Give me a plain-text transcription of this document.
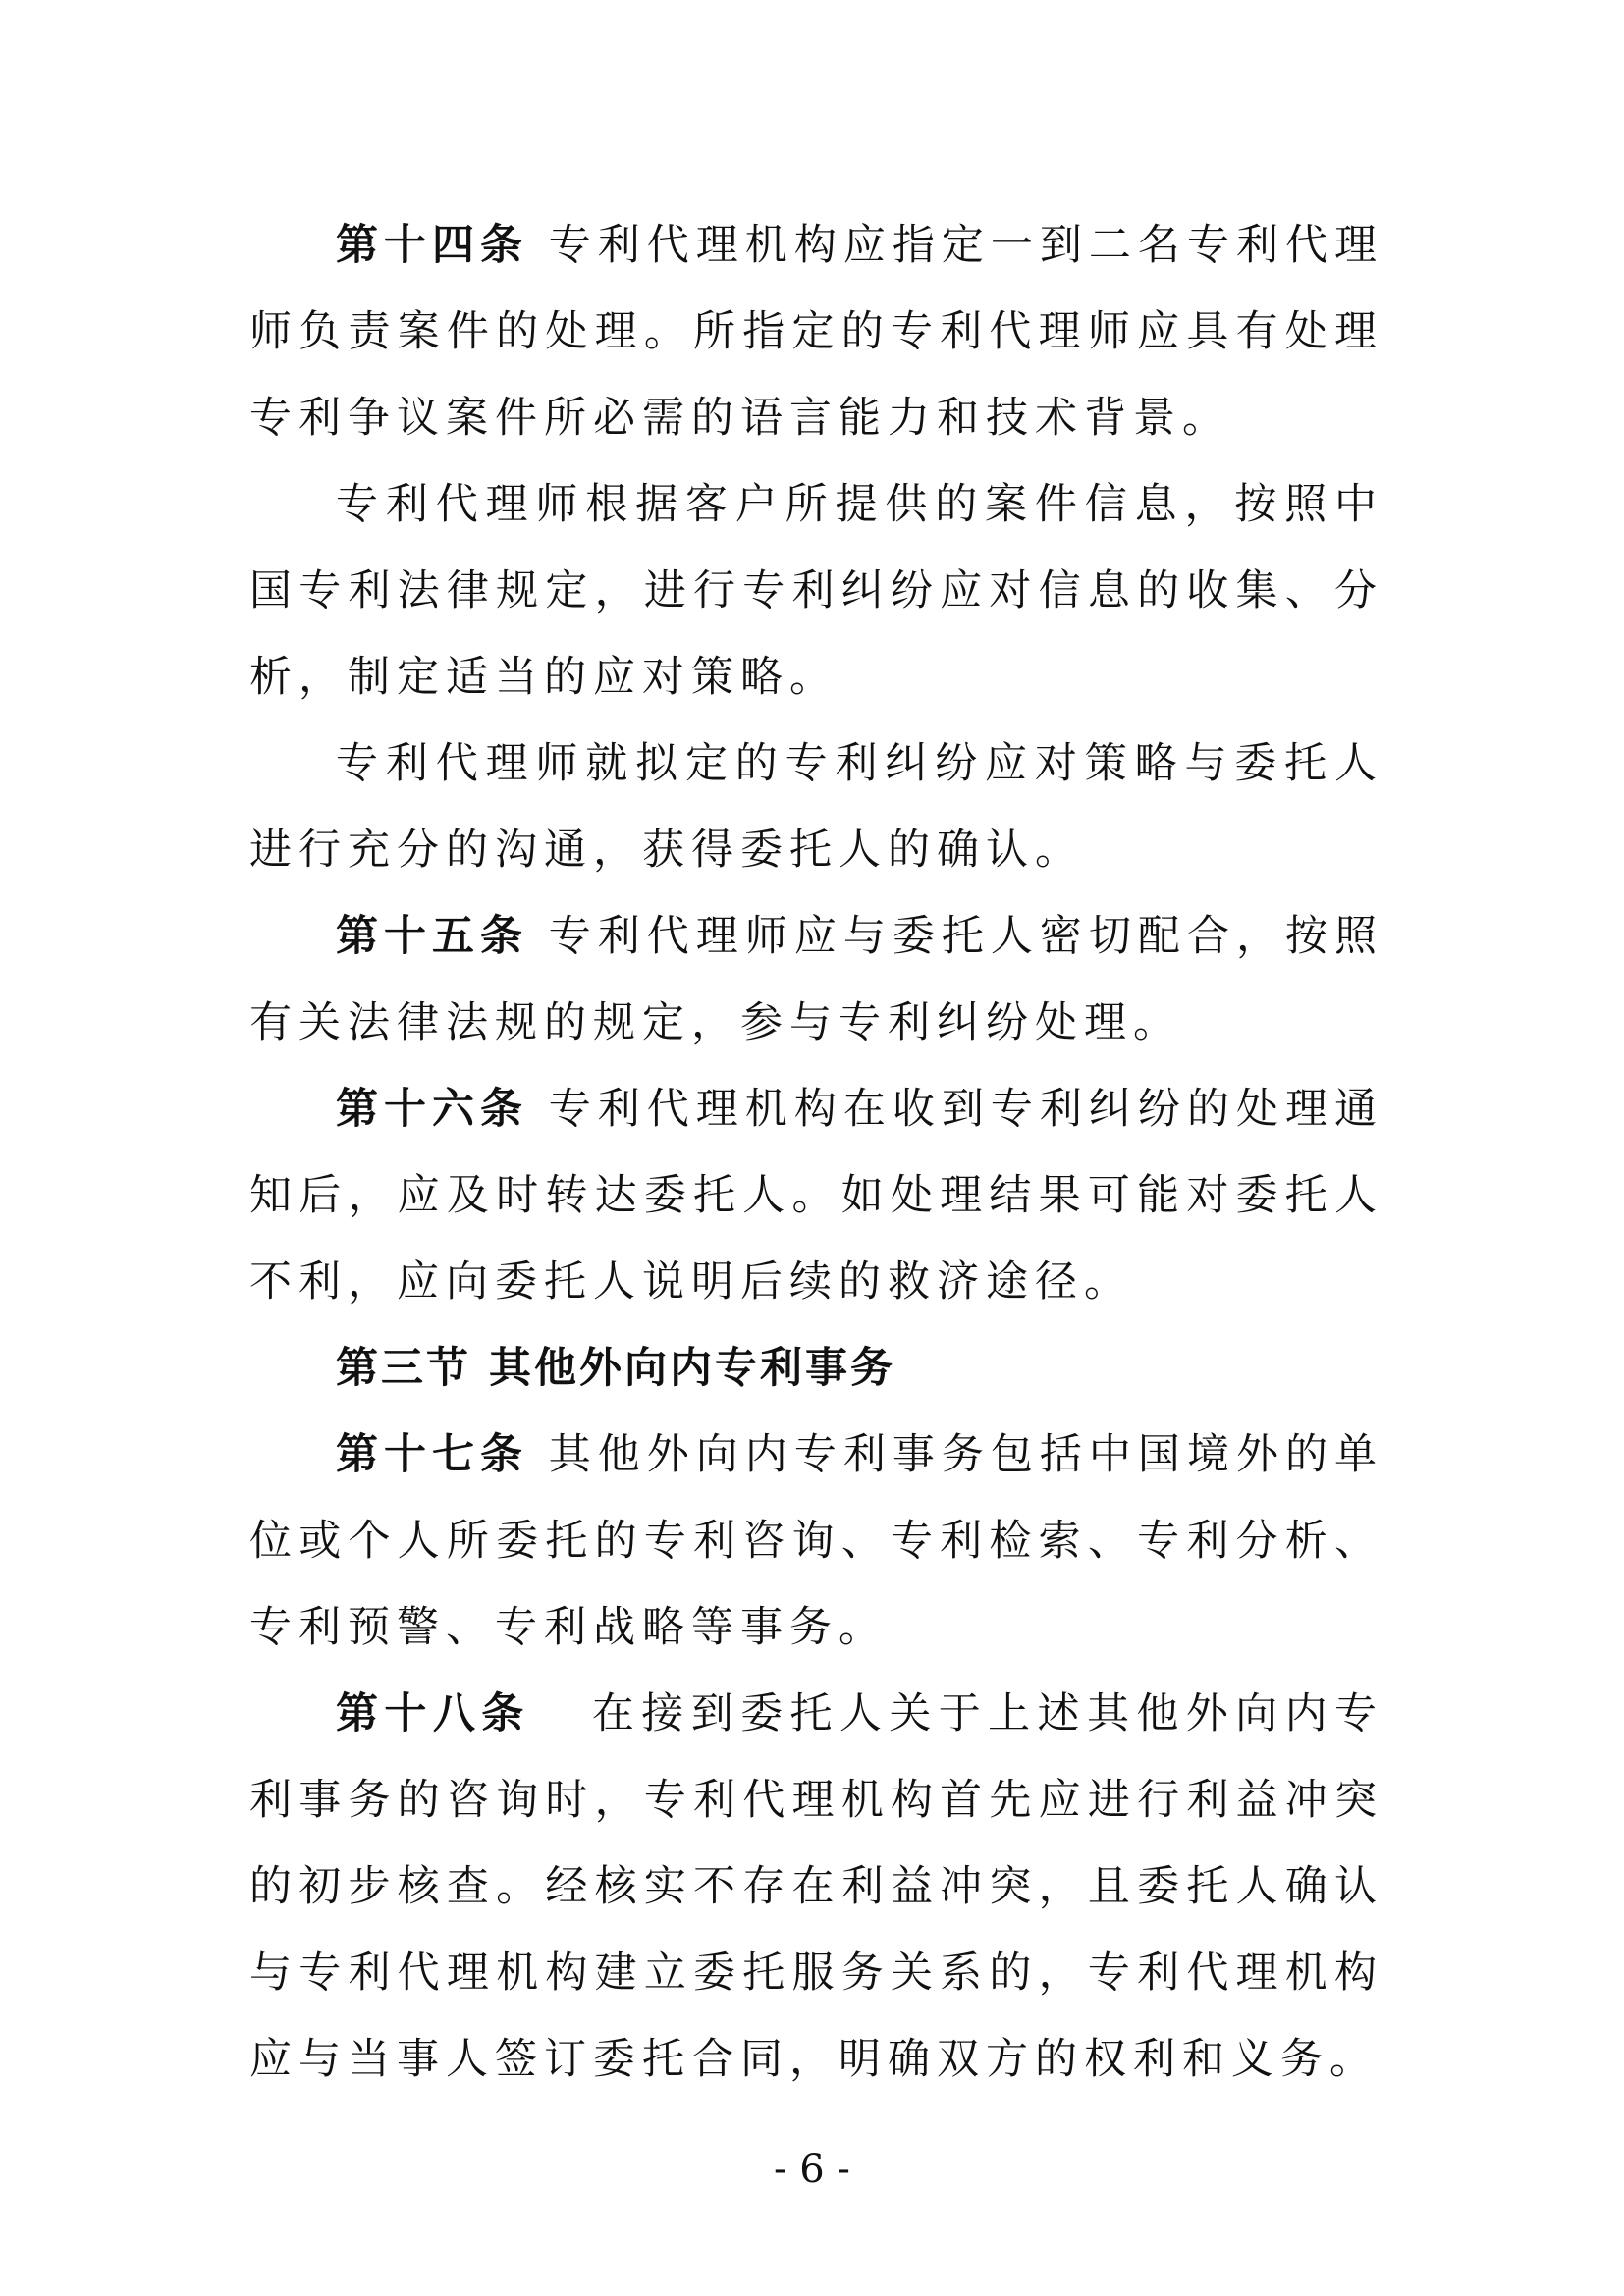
第十四条 专利代理机构应指定一到二名专利代理师负责案件的处理。所指定的专利代理师应具有处理专利争议案件所必需的语言能力和技术背景。

专利代理师根据客户所提供的案件信息，按照中国专利法律规定，进行专利纠纷应对信息的收集、分析，制定适当的应对策略。

专利代理师就拟定的专利纠纷应对策略与委托人进行充分的沟通，获得委托人的确认。

第十五条 专利代理师应与委托人密切配合，按照有关法律法规的规定，参与专利纠纷处理。

第十六条 专利代理机构在收到专利纠纷的处理通知后，应及时转达委托人。如处理结果可能对委托人不利，应向委托人说明后续的救济途径。

第三节 其他外向内专利事务

第十七条 其他外向内专利事务包括中国境外的单位或个人所委托的专利咨询、专利检索、专利分析、专利预警、专利战略等事务。

第十八条 在接到委托人关于上述其他外向内专利事务的咨询时，专利代理机构首先应进行利益冲突的初步核查。经核实不存在利益冲突，且委托人确认与专利代理机构建立委托服务关系的，专利代理机构应与当事人签订委托合同，明确双方的权利和义务。

- 6 -
